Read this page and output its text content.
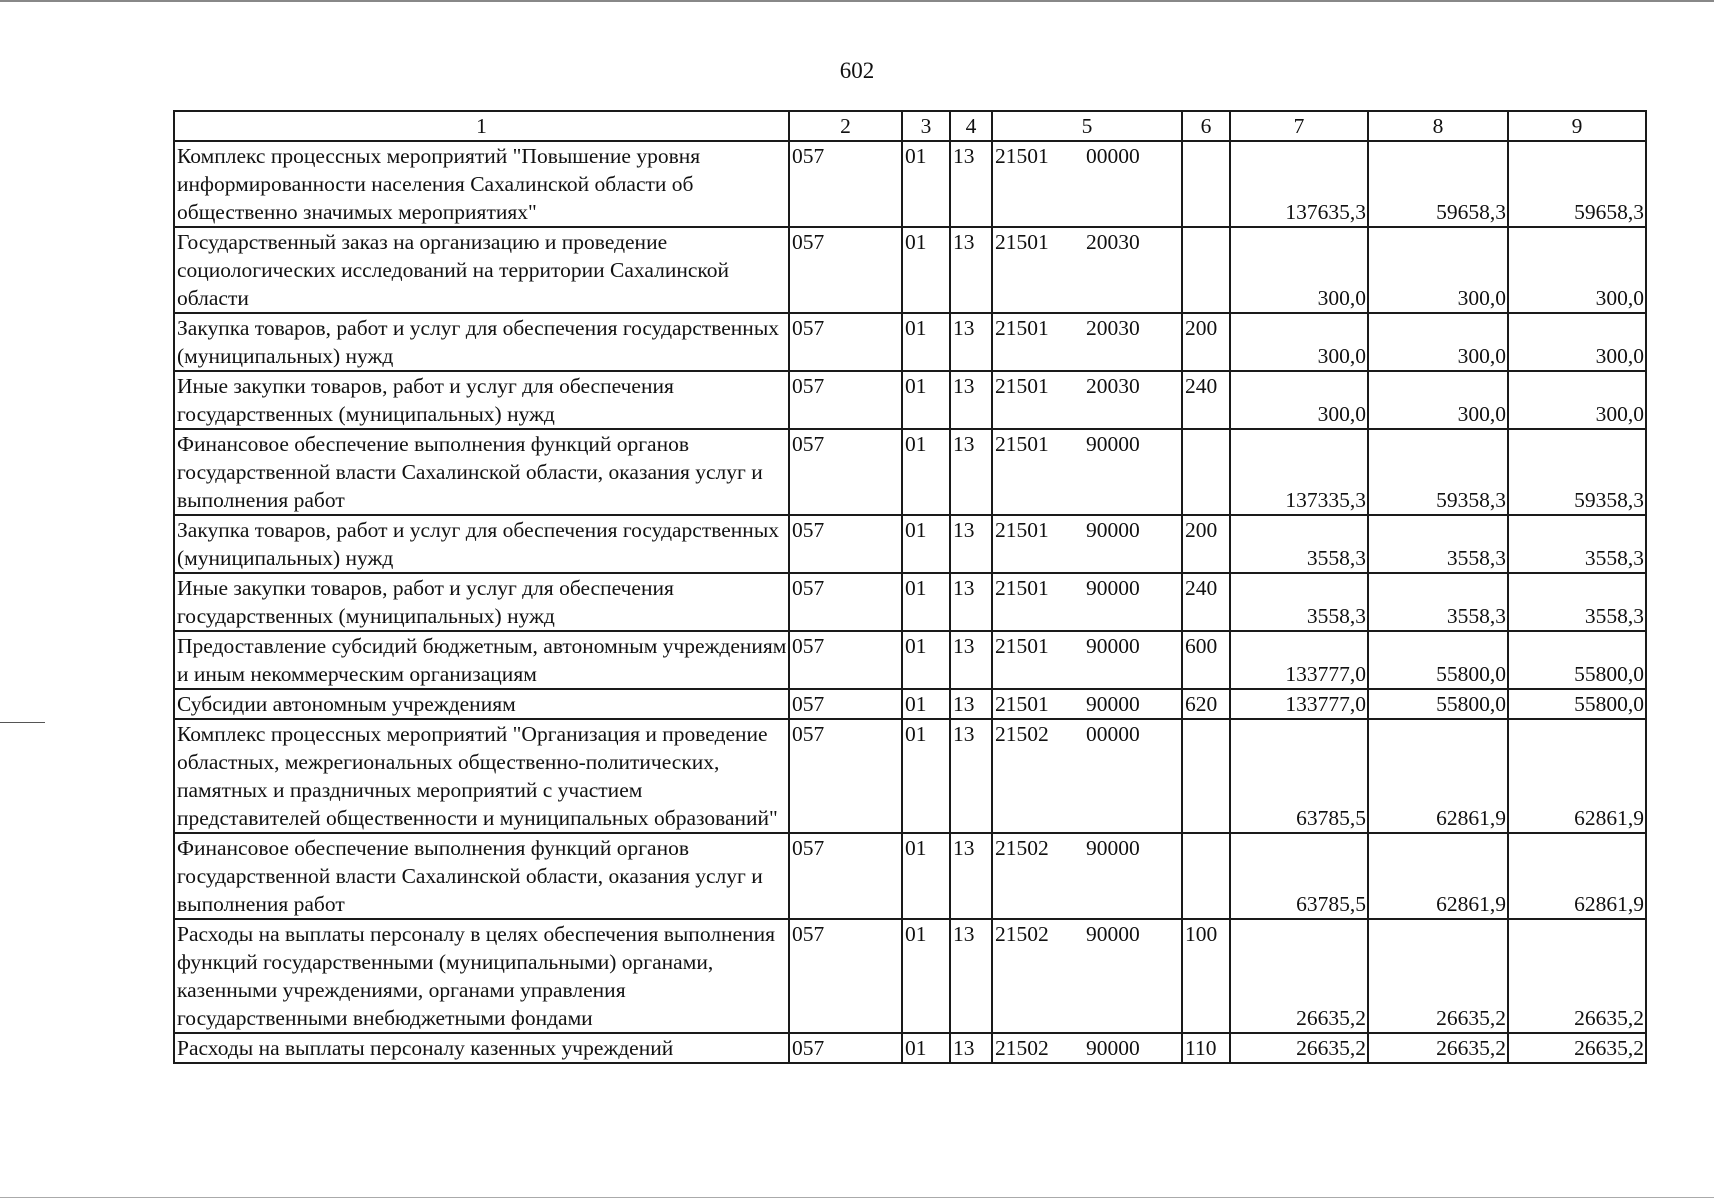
602
1	2	3	4	5	6	7	8	9
Комплекс процессных мероприятий "Повышение уровня информированности населения Сахалинской области об общественно значимых мероприятиях"	057	01	13	21501 00000		137635,3	59658,3	59658,3
Государственный заказ на организацию и проведение социологических исследований на территории Сахалинской области	057	01	13	21501 20030		300,0	300,0	300,0
Закупка товаров, работ и услуг для обеспечения государственных (муниципальных) нужд	057	01	13	21501 20030	200	300,0	300,0	300,0
Иные закупки товаров, работ и услуг для обеспечения государственных (муниципальных) нужд	057	01	13	21501 20030	240	300,0	300,0	300,0
Финансовое обеспечение выполнения функций органов государственной власти Сахалинской области, оказания услуг и выполнения работ	057	01	13	21501 90000		137335,3	59358,3	59358,3
Закупка товаров, работ и услуг для обеспечения государственных (муниципальных) нужд	057	01	13	21501 90000	200	3558,3	3558,3	3558,3
Иные закупки товаров, работ и услуг для обеспечения государственных (муниципальных) нужд	057	01	13	21501 90000	240	3558,3	3558,3	3558,3
Предоставление субсидий бюджетным, автономным учреждениям и иным некоммерческим организациям	057	01	13	21501 90000	600	133777,0	55800,0	55800,0
Субсидии автономным учреждениям	057	01	13	21501 90000	620	133777,0	55800,0	55800,0
Комплекс процессных мероприятий "Организация и проведение областных, межрегиональных общественно-политических, памятных и праздничных мероприятий с участием представителей общественности и муниципальных образований"	057	01	13	21502 00000		63785,5	62861,9	62861,9
Финансовое обеспечение выполнения функций органов государственной власти Сахалинской области, оказания услуг и выполнения работ	057	01	13	21502 90000		63785,5	62861,9	62861,9
Расходы на выплаты персоналу в целях обеспечения выполнения функций государственными (муниципальными) органами, казенными учреждениями, органами управления государственными внебюджетными фондами	057	01	13	21502 90000	100	26635,2	26635,2	26635,2
Расходы на выплаты персоналу казенных учреждений	057	01	13	21502 90000	110	26635,2	26635,2	26635,2
